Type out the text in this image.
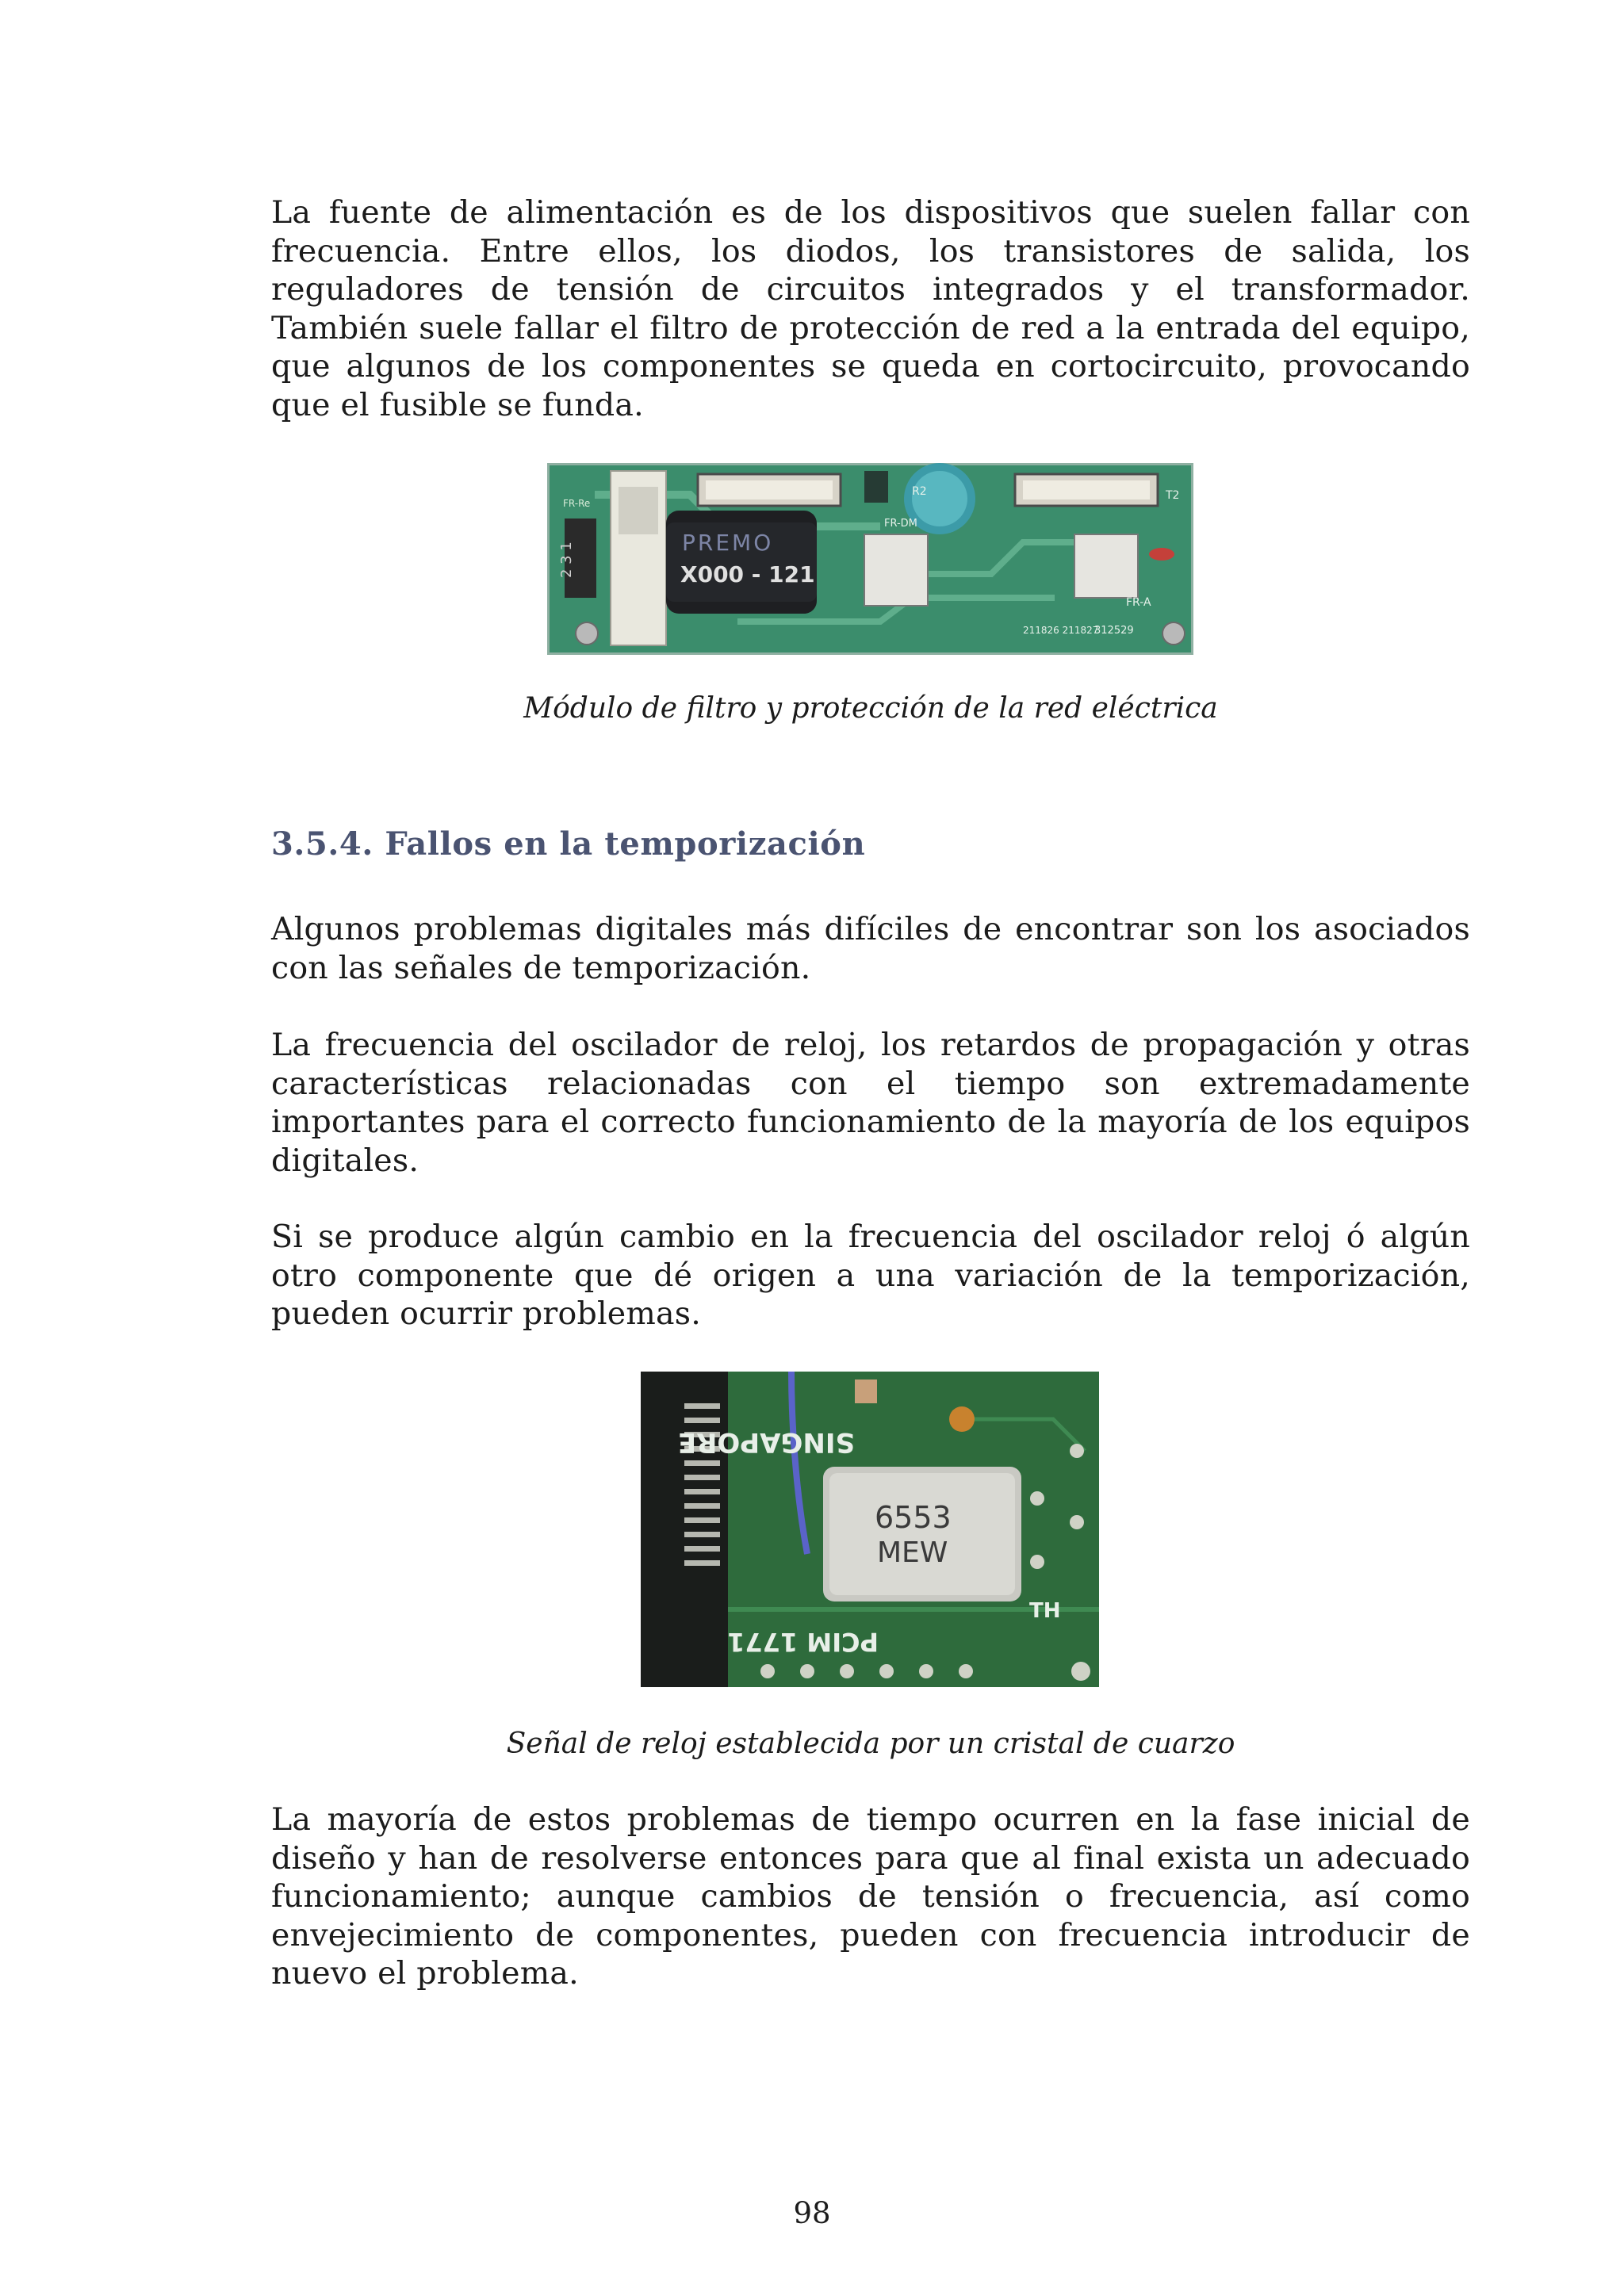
La fuente de alimentación es de los dispositivos que suelen fallar con frecuencia. Entre ellos, los diodos, los transistores de salida, los reguladores de tensión de circuitos integrados y el transformador. También suele fallar el filtro de protección de red a la entrada del equipo, que algunos de los componentes se queda en cortocircuito, provocando que el fusible se funda.

2 3 1
FR-Re
PREMO
X000 - 121
R2
FR-DM
T2
FR-A
211826 211827
312529

Módulo de filtro y protección de la red eléctrica

3.5.4. Fallos en la temporización

Algunos problemas digitales más difíciles de encontrar son los asociados con las señales de temporización.

La frecuencia del oscilador de reloj, los retardos de propagación y otras características relacionadas con el tiempo son extremadamente importantes para el correcto funcionamiento de la mayoría de los equipos digitales.

Si se produce algún cambio en la frecuencia del oscilador reloj ó algún otro componente que dé origen a una variación de la temporización, pueden ocurrir problemas.

6553
MEW
SINGAPORE
PCIM 1771
TH

Señal de reloj establecida por un cristal de cuarzo

La mayoría de estos problemas de tiempo ocurren en la fase inicial de diseño y han de resolverse entonces para que al final exista un adecuado funcionamiento; aunque cambios de tensión o frecuencia, así como envejecimiento de componentes, pueden con frecuencia introducir de nuevo el problema.

98
